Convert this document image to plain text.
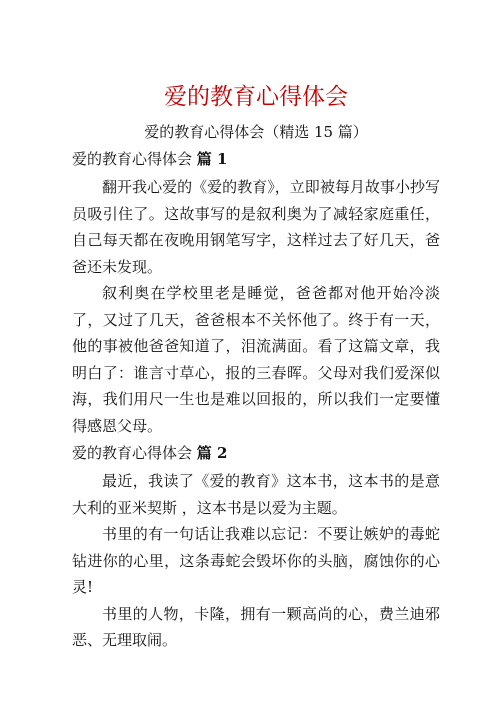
爱的教育心得体会
爱的教育心得体会（精选 15 篇）
爱的教育心得体会 篇 1

翻开我心爱的《爱的教育》，立即被每月故事小抄写员吸引住了。这故事写的是叙利奥为了减轻家庭重任，自己每天都在夜晚用钢笔写字，这样过去了好几天，爸爸还未发现。

叙利奥在学校里老是睡觉，爸爸都对他开始冷淡了，又过了几天，爸爸根本不关怀他了。终于有一天，他的事被他爸爸知道了，泪流满面。看了这篇文章，我明白了：谁言寸草心，报的三春晖。父母对我们爱深似海，我们用尺一生也是难以回报的，所以我们一定要懂得感恩父母。

爱的教育心得体会 篇 2

最近，我读了《爱的教育》这本书，这本书的是意大利的亚米契斯 ，这本书是以爱为主题。

书里的有一句话让我难以忘记：不要让嫉妒的毒蛇钻进你的心里，这条毒蛇会毁坏你的头脑，腐蚀你的心灵!

书里的人物，卡隆，拥有一颗高尚的心，费兰迪邪恶、无理取闹。
